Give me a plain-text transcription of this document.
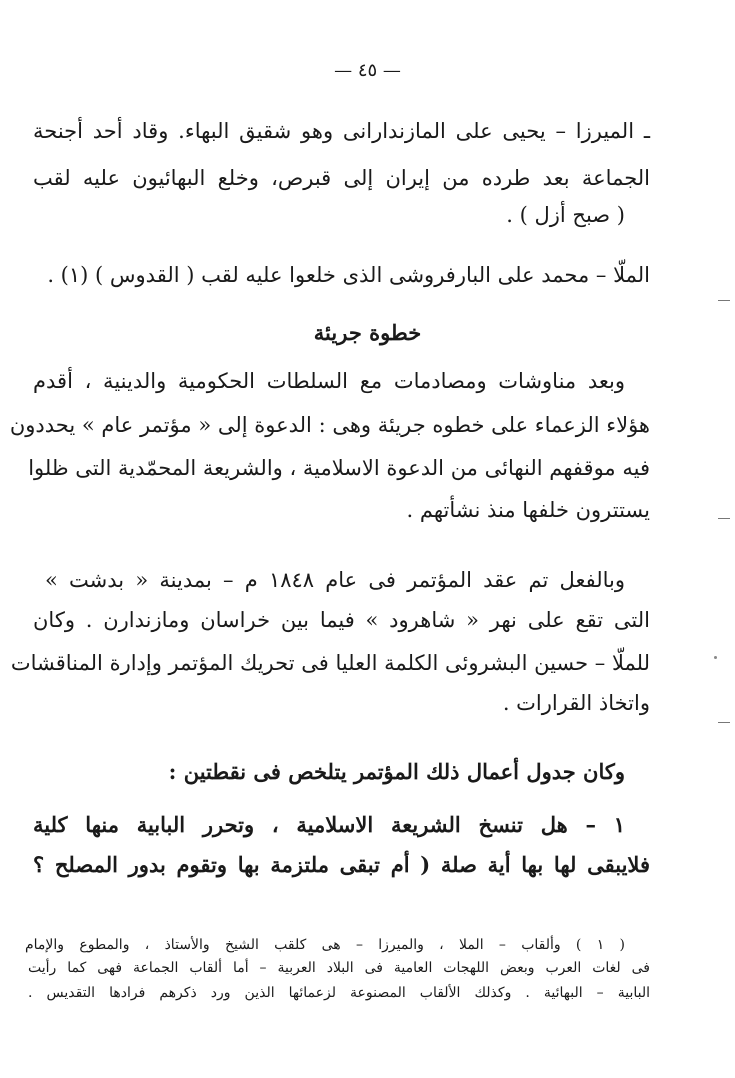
— ٤٥ —
ـ الميرزا – يحيى على المازندارانى وهو شقيق البهاء. وقاد أحد أجنحة
الجماعة بعد طرده من إيران إلى قبرص، وخلع البهائيون عليه لقب
( صبح أزل ) .
الملّا – محمد على البارفروشى الذى خلعوا عليه لقب ( القدوس ) (١) .
خطوة جريئة
وبعد مناوشات ومصادمات مع السلطات الحكومية والدينية ، أقدم
هؤلاء الزعماء على خطوه جريئة وهى : الدعوة إلى « مؤتمر عام » يحددون
فيه موقفهم النهائى من الدعوة الاسلامية ، والشريعة المحمّدية التى ظلوا
يستترون خلفها منذ نشأتهم .
وبالفعل تم عقد المؤتمر فى عام ١٨٤٨ م – بمدينة « بدشت »
التى تقع على نهر « شاهرود » فيما بين خراسان ومازندارن . وكان
للملّا – حسين البشروئى الكلمة العليا فى تحريك المؤتمر وإدارة المناقشات
واتخاذ القرارات .
وكان جدول أعمال ذلك المؤتمر يتلخص فى نقطتين :
١ – هل تنسخ الشريعة الاسلامية ، وتحرر البابية منها كلية
فلايبقى لها بها أية صلة ( أم تبقى ملتزمة بها وتقوم بدور المصلح ؟
( ١ ) وألقاب – الملا ، والميرزا – هى كلقب الشيخ والأستاذ ، والمطوع والإمام
فى لغات العرب وبعض اللهجات العامية فى البلاد العربية – أما ألقاب الجماعة فهى كما رأيت
البابية – البهائية . وكذلك الألقاب المصنوعة لزعمائها الذين ورد ذكرهم فرادها التقديس .
